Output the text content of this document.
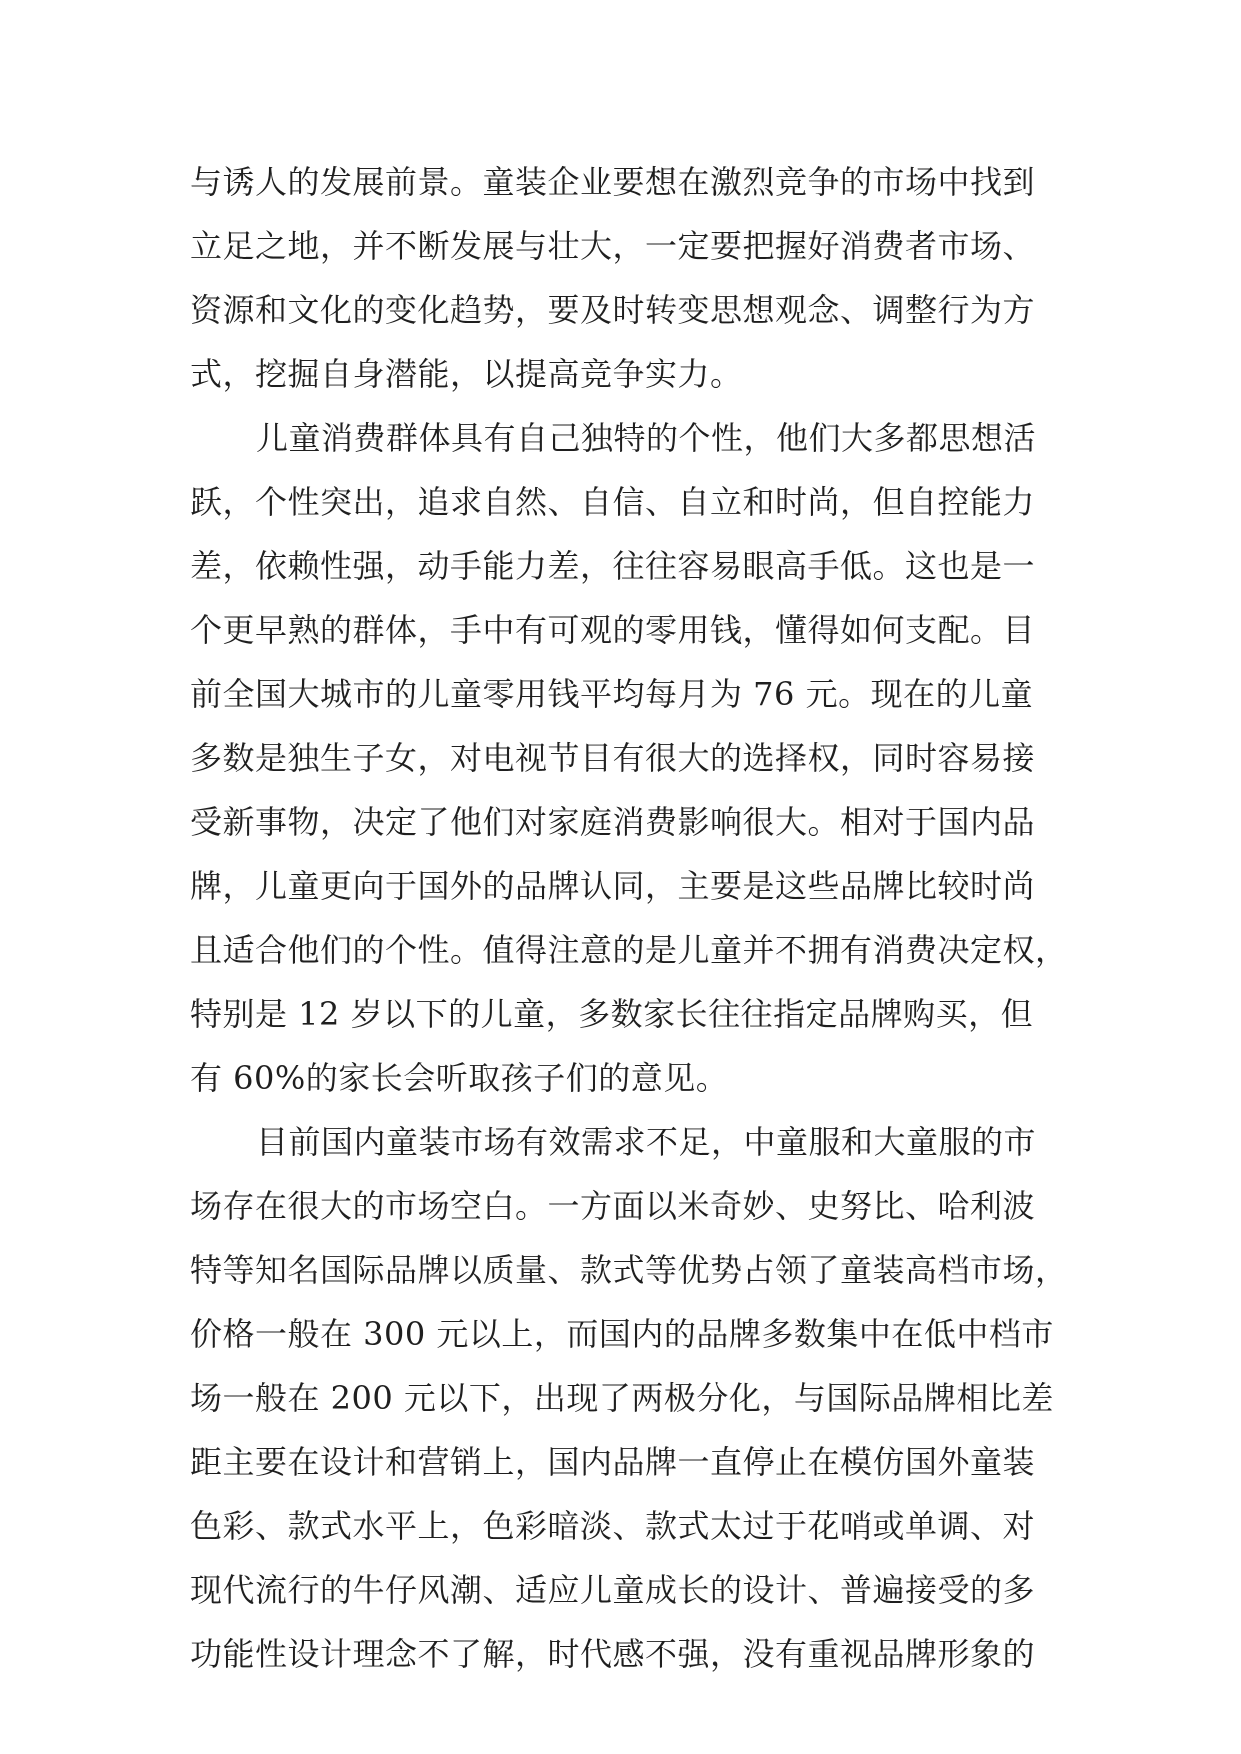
与诱人的发展前景。童装企业要想在激烈竞争的市场中找到
立足之地，并不断发展与壮大，一定要把握好消费者市场、
资源和文化的变化趋势，要及时转变思想观念、调整行为方
式，挖掘自身潜能，以提高竞争实力。
儿童消费群体具有自己独特的个性，他们大多都思想活
跃，个性突出，追求自然、自信、自立和时尚，但自控能力
差，依赖性强，动手能力差，往往容易眼高手低。这也是一
个更早熟的群体，手中有可观的零用钱，懂得如何支配。目
前全国大城市的儿童零用钱平均每月为 76 元。现在的儿童
多数是独生子女，对电视节目有很大的选择权，同时容易接
受新事物，决定了他们对家庭消费影响很大。相对于国内品
牌，儿童更向于国外的品牌认同，主要是这些品牌比较时尚
且适合他们的个性。值得注意的是儿童并不拥有消费决定权，
特别是 12 岁以下的儿童，多数家长往往指定品牌购买，但
有 60%的家长会听取孩子们的意见。
目前国内童装市场有效需求不足，中童服和大童服的市
场存在很大的市场空白。一方面以米奇妙、史努比、哈利波
特等知名国际品牌以质量、款式等优势占领了童装高档市场，
价格一般在 300 元以上，而国内的品牌多数集中在低中档市
场一般在 200 元以下，出现了两极分化，与国际品牌相比差
距主要在设计和营销上，国内品牌一直停止在模仿国外童装
色彩、款式水平上，色彩暗淡、款式太过于花哨或单调、对
现代流行的牛仔风潮、适应儿童成长的设计、普遍接受的多
功能性设计理念不了解，时代感不强，没有重视品牌形象的
